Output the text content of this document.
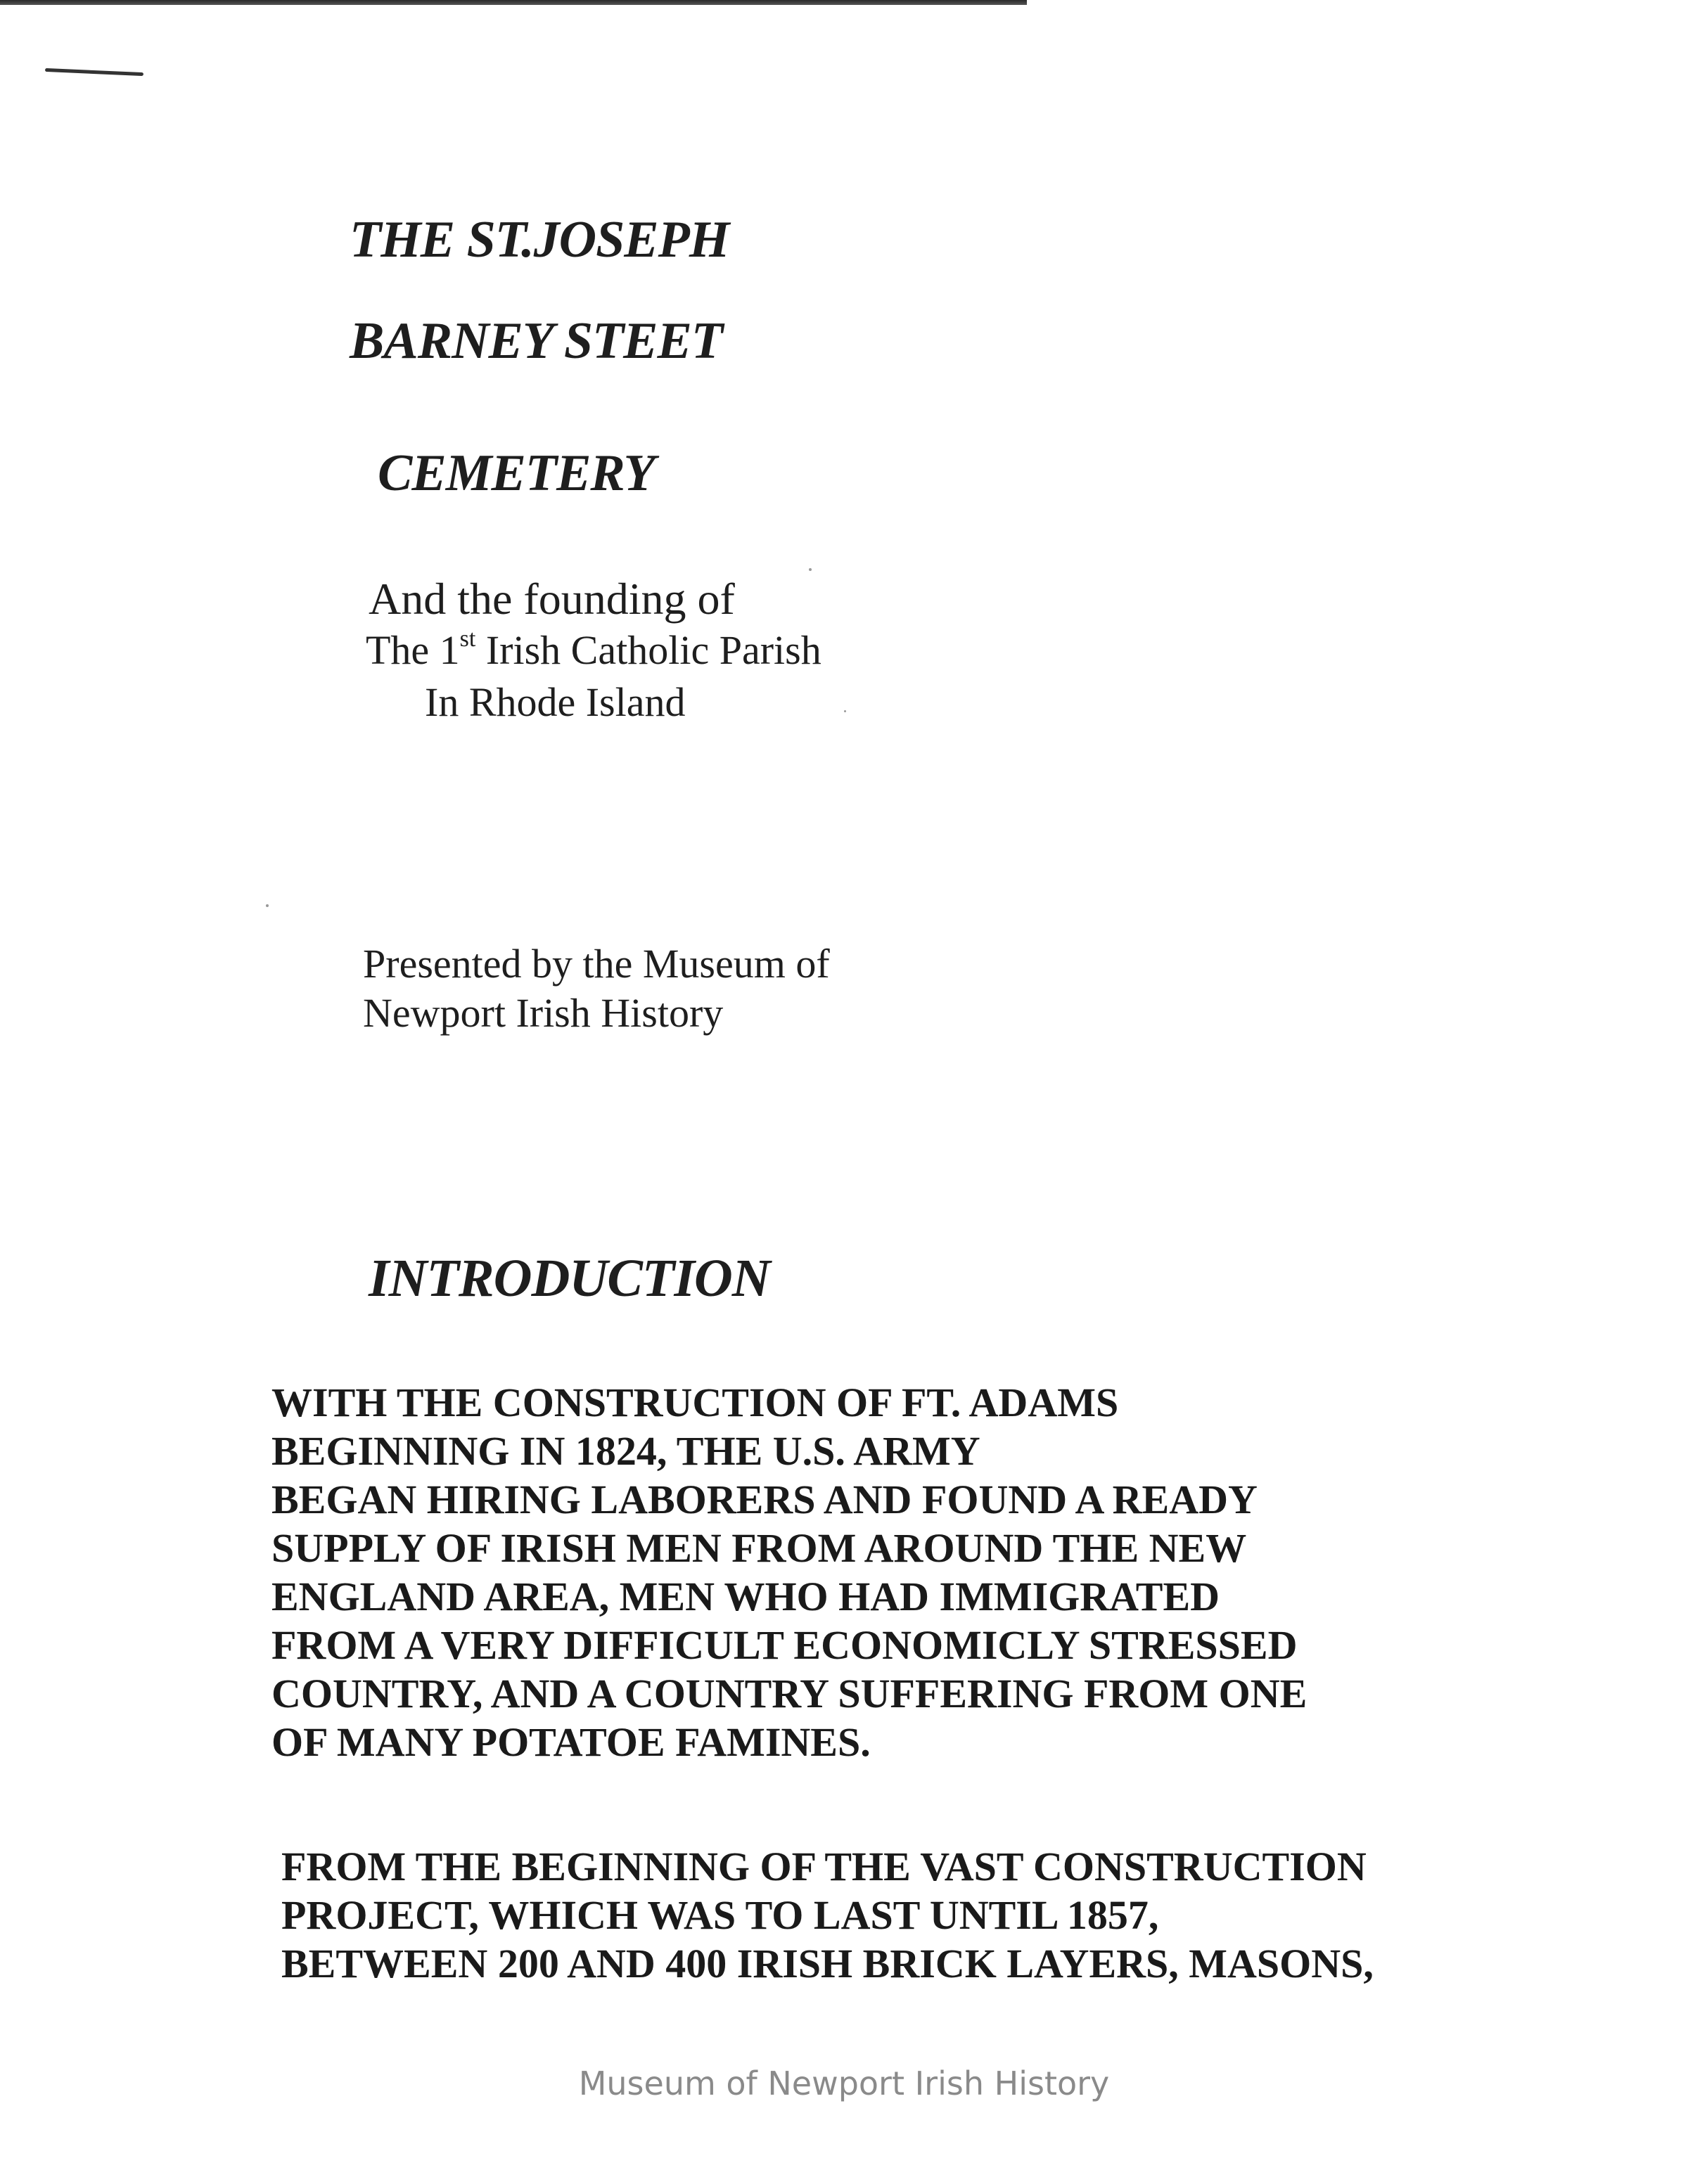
THE ST.JOSEPH
BARNEY STEET
CEMETERY

And the founding of

The 1st Irish Catholic Parish

In Rhode Island

Presented by the Museum of

Newport Irish History

INTRODUCTION
WITH THE CONSTRUCTION OF FT. ADAMS
BEGINNING IN 1824, THE U.S. ARMY
BEGAN HIRING LABORERS AND FOUND A READY
SUPPLY OF IRISH MEN FROM AROUND THE NEW
ENGLAND AREA, MEN WHO HAD IMMIGRATED
FROM A VERY DIFFICULT ECONOMICLY STRESSED
COUNTRY, AND A COUNTRY SUFFERING FROM ONE
OF MANY POTATOE FAMINES.
FROM THE BEGINNING OF THE VAST CONSTRUCTION
PROJECT, WHICH WAS TO LAST UNTIL 1857,
BETWEEN 200 AND 400 IRISH BRICK LAYERS, MASONS,
Museum of Newport Irish History
